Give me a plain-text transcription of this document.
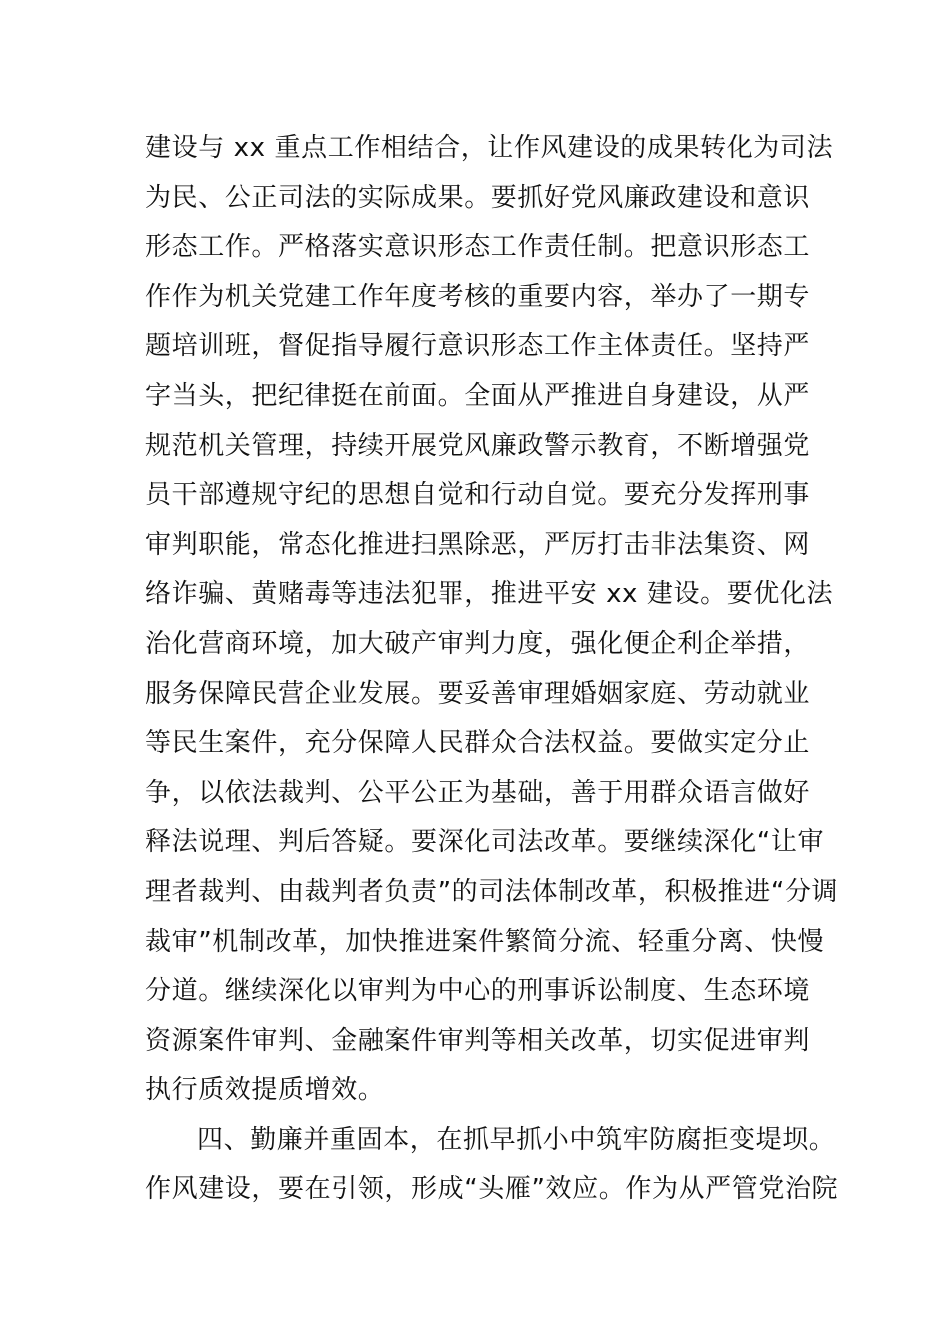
建设与 xx 重点工作相结合，让作风建设的成果转化为司法
为民、公正司法的实际成果。要抓好党风廉政建设和意识
形态工作。严格落实意识形态工作责任制。把意识形态工
作作为机关党建工作年度考核的重要内容，举办了一期专
题培训班，督促指导履行意识形态工作主体责任。坚持严
字当头，把纪律挺在前面。全面从严推进自身建设，从严
规范机关管理，持续开展党风廉政警示教育，不断增强党
员干部遵规守纪的思想自觉和行动自觉。要充分发挥刑事
审判职能，常态化推进扫黑除恶，严厉打击非法集资、网
络诈骗、黄赌毒等违法犯罪，推进平安 xx 建设。要优化法
治化营商环境，加大破产审判力度，强化便企利企举措，
服务保障民营企业发展。要妥善审理婚姻家庭、劳动就业
等民生案件，充分保障人民群众合法权益。要做实定分止
争，以依法裁判、公平公正为基础，善于用群众语言做好
释法说理、判后答疑。要深化司法改革。要继续深化“让审
理者裁判、由裁判者负责”的司法体制改革，积极推进“分调
裁审”机制改革，加快推进案件繁简分流、轻重分离、快慢
分道。继续深化以审判为中心的刑事诉讼制度、生态环境
资源案件审判、金融案件审判等相关改革，切实促进审判
执行质效提质增效。
四、勤廉并重固本，在抓早抓小中筑牢防腐拒变堤坝。
作风建设，要在引领，形成“头雁”效应。作为从严管党治院
